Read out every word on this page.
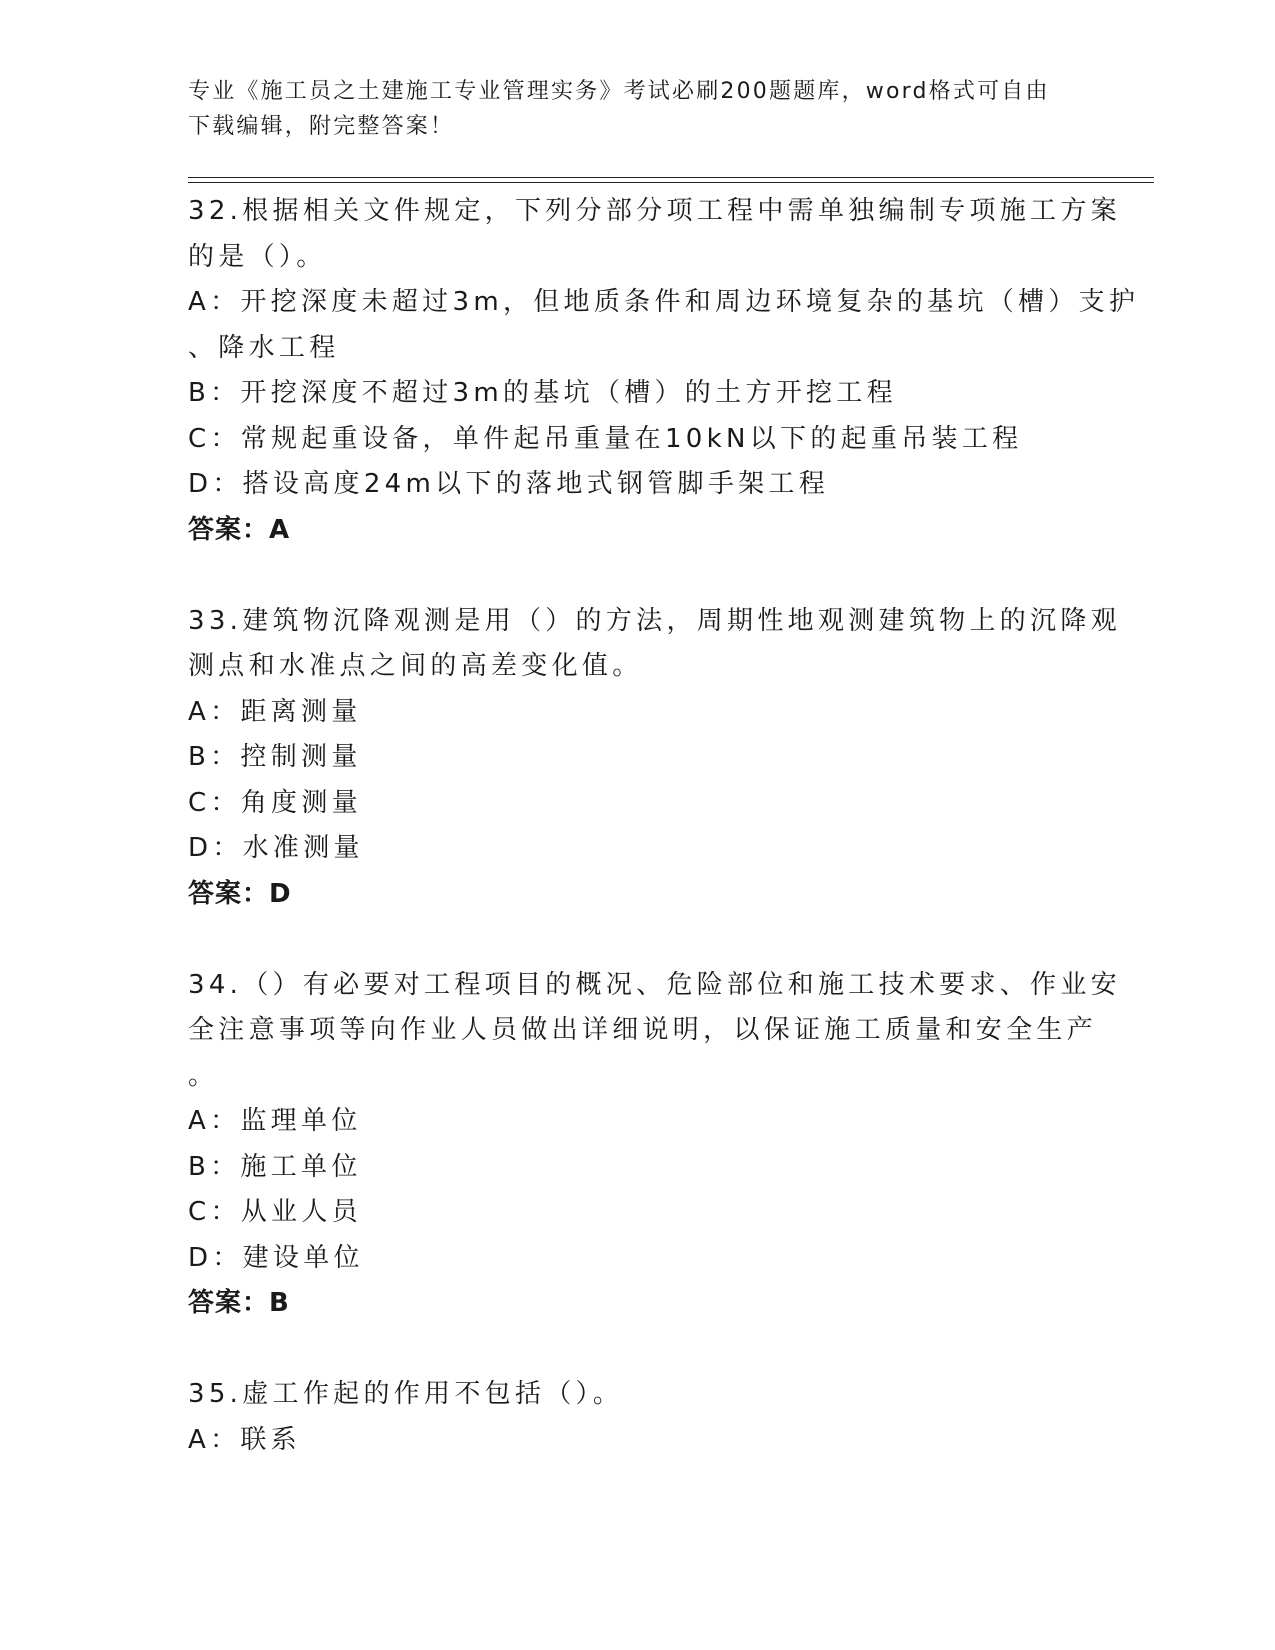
专业《施工员之土建施工专业管理实务》考试必刷200题题库，word格式可自由
下载编辑，附完整答案！
32.根据相关文件规定，下列分部分项工程中需单独编制专项施工方案
的是（）。
A：开挖深度未超过3m，但地质条件和周边环境复杂的基坑（槽）支护
、降水工程
B：开挖深度不超过3m的基坑（槽）的土方开挖工程
C：常规起重设备，单件起吊重量在10kN以下的起重吊装工程
D：搭设高度24m以下的落地式钢管脚手架工程
答案：A
33.建筑物沉降观测是用（）的方法，周期性地观测建筑物上的沉降观
测点和水准点之间的高差变化值。
A：距离测量
B：控制测量
C：角度测量
D：水准测量
答案：D
34.（）有必要对工程项目的概况、危险部位和施工技术要求、作业安
全注意事项等向作业人员做出详细说明，以保证施工质量和安全生产
。
A：监理单位
B：施工单位
C：从业人员
D：建设单位
答案：B
35.虚工作起的作用不包括（）。
A：联系
